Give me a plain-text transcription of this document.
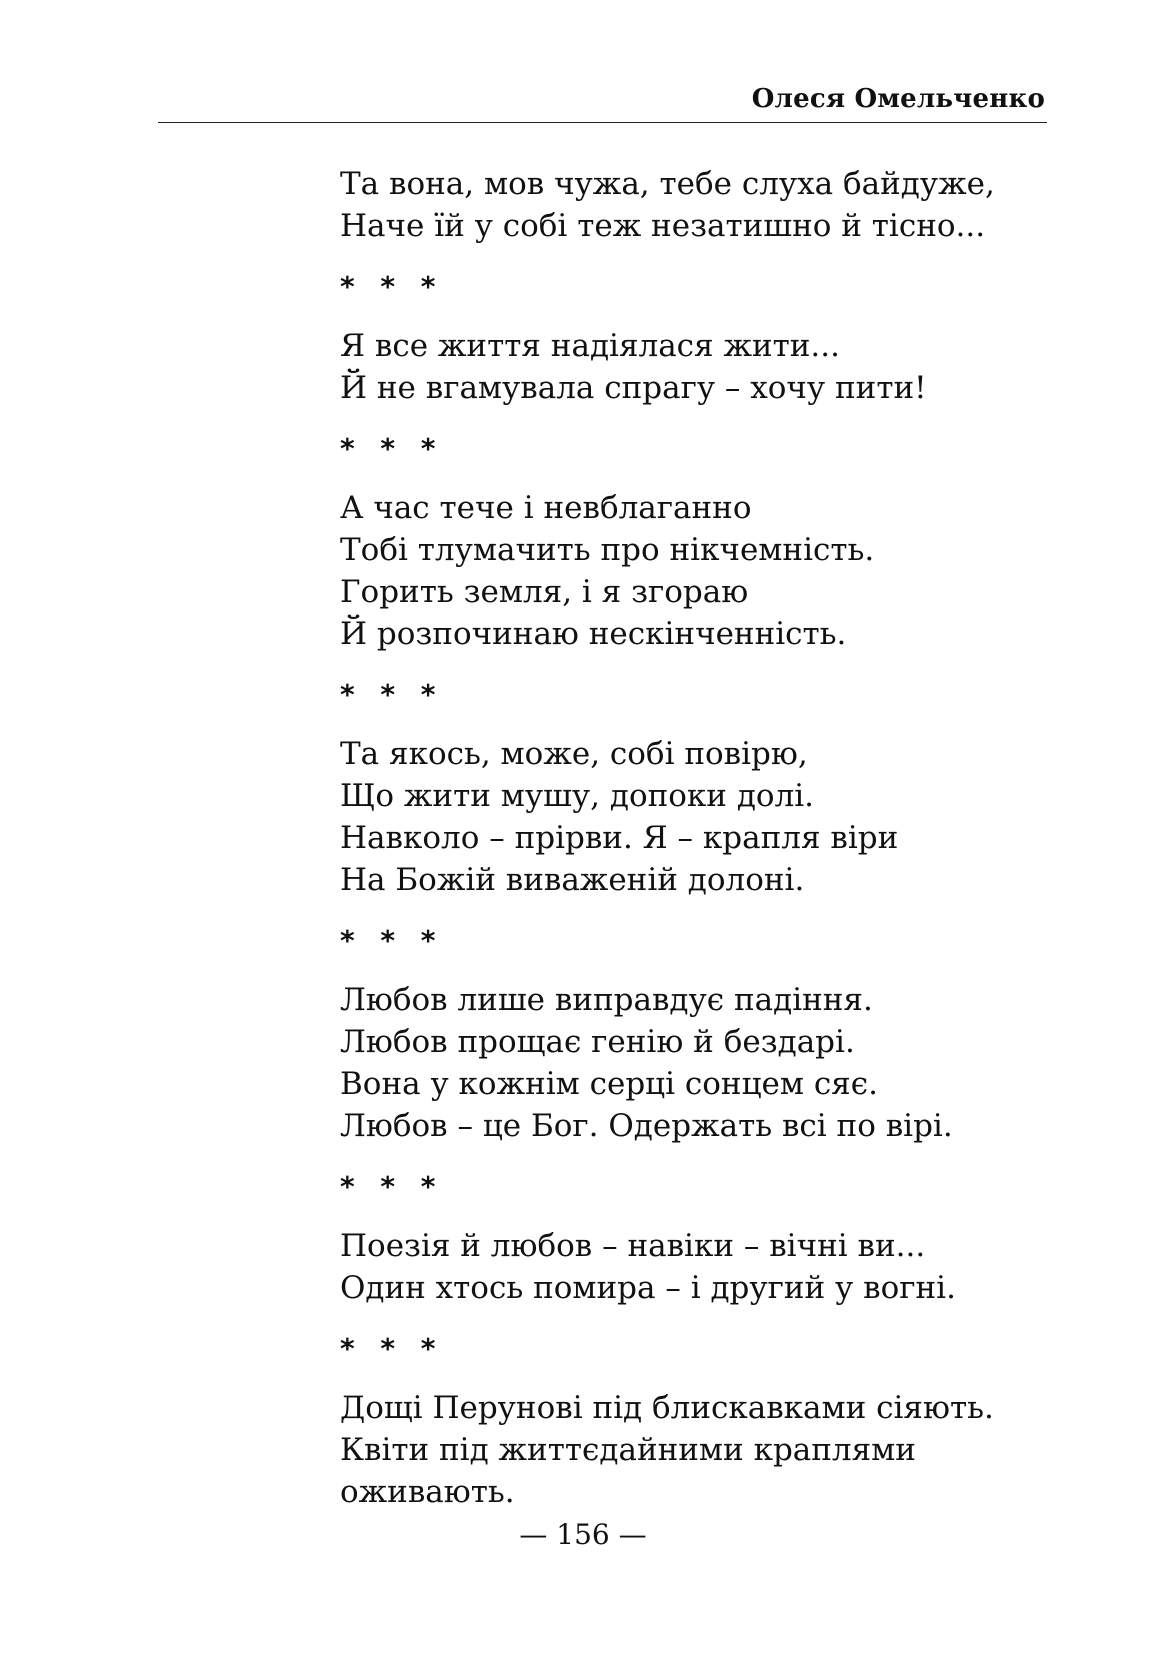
Олеся Омельченко
Та вона, мов чужа, тебе слуха байдуже,
Наче їй у собі теж незатишно й тісно...
* * *
Я все життя надіялася жити...
Й не вгамувала спрагу – хочу пити!
* * *
А час тече і невблаганно
Тобі тлумачить про нікчемність.
Горить земля, і я згораю
Й розпочинаю нескінченність.
* * *
Та якось, може, собі повірю,
Що жити мушу, допоки долі.
Навколо – прірви. Я – крапля віри
На Божій виваженій долоні.
* * *
Любов лише виправдує падіння.
Любов прощає генію й бездарі.
Вона у кожнім серці сонцем сяє.
Любов – це Бог. Одержать всі по вірі.
* * *
Поезія й любов – навіки – вічні ви...
Один хтось помира – і другий у вогні.
* * *
Дощі Перунові під блискавками сіяють.
Квіти під життєдайними краплями
оживають.
— 156 —
